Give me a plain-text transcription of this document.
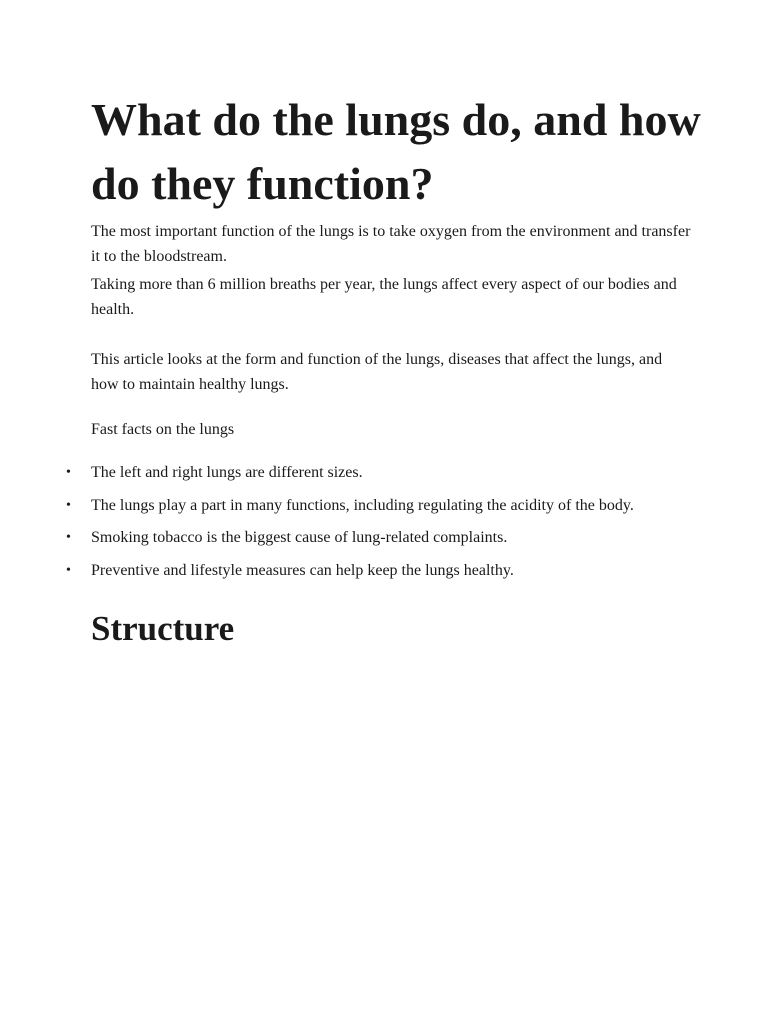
What do the lungs do, and how do they function?

The most important function of the lungs is to take oxygen from the environment and transfer it to the bloodstream.

Taking more than 6 million breaths per year, the lungs affect every aspect of our bodies and health.

This article looks at the form and function of the lungs, diseases that affect the lungs, and how to maintain healthy lungs.

Fast facts on the lungs

• The left and right lungs are different sizes.
• The lungs play a part in many functions, including regulating the acidity of the body.
• Smoking tobacco is the biggest cause of lung-related complaints.
• Preventive and lifestyle measures can help keep the lungs healthy.
Structure
